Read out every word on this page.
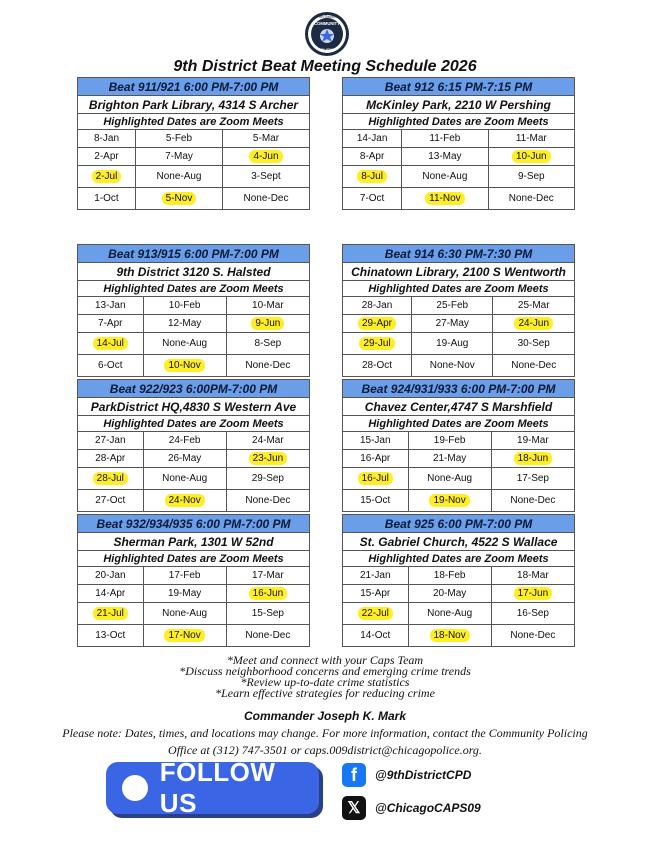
9th District
COMMUNITY
POLICING
9th District Beat Meeting Schedule 2026
Beat 911/921 6:00 PM-7:00 PM		
Brighton Park Library, 4314 S Archer		
Highlighted Dates are Zoom Meets		
8-Jan	5-Feb	5-Mar
2-Apr	7-May	4-Jun
2-Jul	None-Aug	3-Sept
1-Oct	5-Nov	None-Dec
Beat 912 6:15 PM-7:15 PM		
McKinley Park, 2210 W Pershing		
Highlighted Dates are Zoom Meets		
14-Jan	11-Feb	11-Mar
8-Apr	13-May	10-Jun
8-Jul	None-Aug	9-Sep
7-Oct	11-Nov	None-Dec
Beat 913/915 6:00 PM-7:00 PM		
9th District 3120 S. Halsted		
Highlighted Dates are Zoom Meets		
13-Jan	10-Feb	10-Mar
7-Apr	12-May	9-Jun
14-Jul	None-Aug	8-Sep
6-Oct	10-Nov	None-Dec
Beat 914 6:30 PM-7:30 PM		
Chinatown Library, 2100 S Wentworth		
Highlighted Dates are Zoom Meets		
28-Jan	25-Feb	25-Mar
29-Apr	27-May	24-Jun
29-Jul	19-Aug	30-Sep
28-Oct	None-Nov	None-Dec
Beat 922/923 6:00PM-7:00 PM		
ParkDistrict HQ,4830 S Western Ave		
Highlighted Dates are Zoom Meets		
27-Jan	24-Feb	24-Mar
28-Apr	26-May	23-Jun
28-Jul	None-Aug	29-Sep
27-Oct	24-Nov	None-Dec
Beat 924/931/933 6:00 PM-7:00 PM		
Chavez Center,4747 S Marshfield		
Highlighted Dates are Zoom Meets		
15-Jan	19-Feb	19-Mar
16-Apr	21-May	18-Jun
16-Jul	None-Aug	17-Sep
15-Oct	19-Nov	None-Dec
Beat 932/934/935 6:00 PM-7:00 PM		
Sherman Park, 1301 W 52nd		
Highlighted Dates are Zoom Meets		
20-Jan	17-Feb	17-Mar
14-Apr	19-May	16-Jun
21-Jul	None-Aug	15-Sep
13-Oct	17-Nov	None-Dec
Beat 925 6:00 PM-7:00 PM		
St. Gabriel Church, 4522 S Wallace		
Highlighted Dates are Zoom Meets		
21-Jan	18-Feb	18-Mar
15-Apr	20-May	17-Jun
22-Jul	None-Aug	16-Sep
14-Oct	18-Nov	None-Dec
*Meet and connect with your Caps Team
*Discuss neighborhood concerns and emerging crime trends
*Review up-to-date crime statistics
*Learn effective strategies for reducing crime
Commander Joseph K. Mark
Please note: Dates, times, and locations may change. For more information, contact the Community Policing Office at (312) 747-3501 or caps.009district@chicagopolice.org.
FOLLOW US
f	@9thDistrictCPD
𝕏	@ChicagoCAPS09
